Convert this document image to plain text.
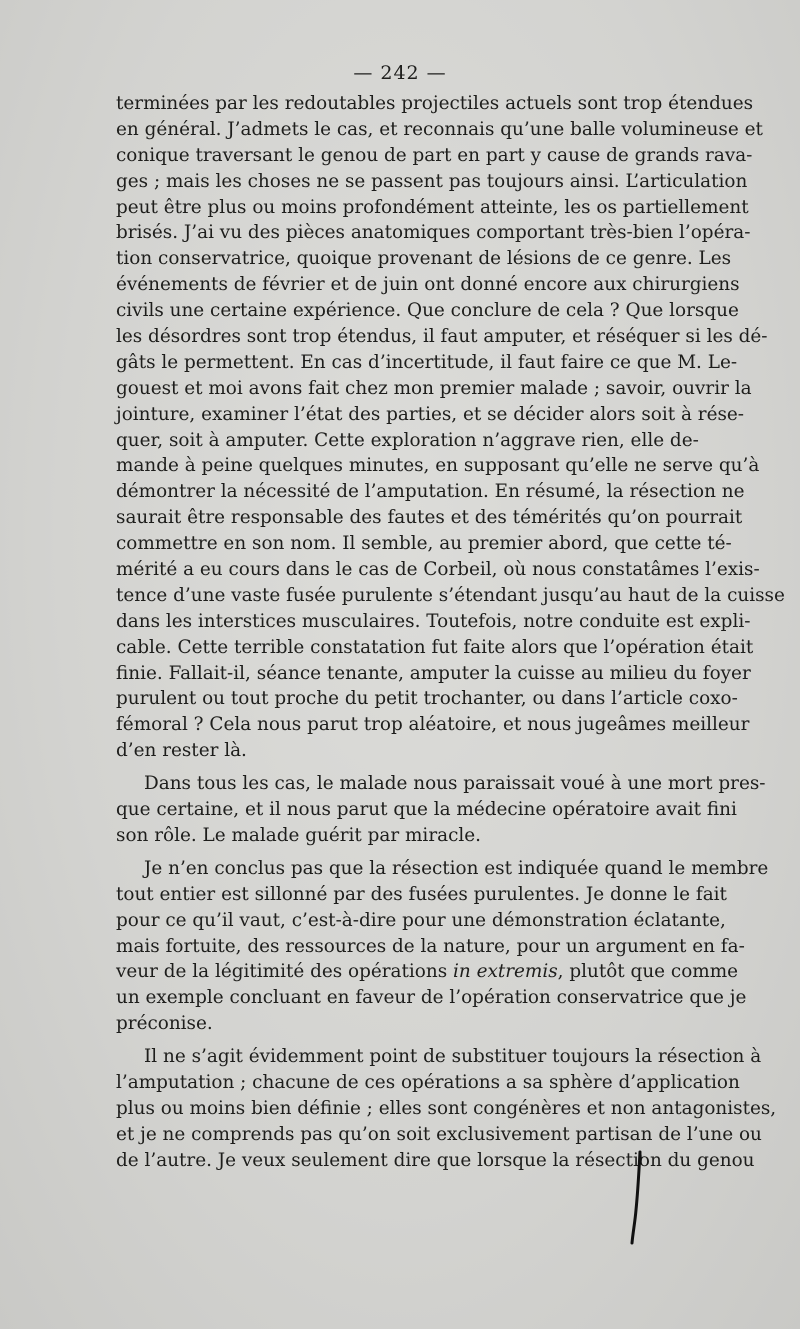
— 242 —
terminées par les redoutables projectiles actuels sont trop étendues
en général. J’admets le cas, et reconnais qu’une balle volumineuse et
conique traversant le genou de part en part y cause de grands rava-
ges ; mais les choses ne se passent pas toujours ainsi. L’articulation
peut être plus ou moins profondément atteinte, les os partiellement
brisés. J’ai vu des pièces anatomiques comportant très-bien l’opéra-
tion conservatrice, quoique provenant de lésions de ce genre. Les
événements de février et de juin ont donné encore aux chirurgiens
civils une certaine expérience. Que conclure de cela ? Que lorsque
les désordres sont trop étendus, il faut amputer, et réséquer si les dé-
gâts le permettent. En cas d’incertitude, il faut faire ce que M. Le-
gouest et moi avons fait chez mon premier malade ; savoir, ouvrir la
jointure, examiner l’état des parties, et se décider alors soit à rése-
quer, soit à amputer. Cette exploration n’aggrave rien, elle de-
mande à peine quelques minutes, en supposant qu’elle ne serve qu’à
démontrer la nécessité de l’amputation. En résumé, la résection ne
saurait être responsable des fautes et des témérités qu’on pourrait
commettre en son nom. Il semble, au premier abord, que cette té-
mérité a eu cours dans le cas de Corbeil, où nous constatâmes l’exis-
tence d’une vaste fusée purulente s’étendant jusqu’au haut de la cuisse
dans les interstices musculaires. Toutefois, notre conduite est expli-
cable. Cette terrible constatation fut faite alors que l’opération était
finie. Fallait-il, séance tenante, amputer la cuisse au milieu du foyer
purulent ou tout proche du petit trochanter, ou dans l’article coxo-
fémoral ? Cela nous parut trop aléatoire, et nous jugeâmes meilleur
d’en rester là.
Dans tous les cas, le malade nous paraissait voué à une mort pres-
que certaine, et il nous parut que la médecine opératoire avait fini
son rôle. Le malade guérit par miracle.
Je n’en conclus pas que la résection est indiquée quand le membre
tout entier est sillonné par des fusées purulentes. Je donne le fait
pour ce qu’il vaut, c’est-à-dire pour une démonstration éclatante,
mais fortuite, des ressources de la nature, pour un argument en fa-
veur de la légitimité des opérations in extremis, plutôt que comme
un exemple concluant en faveur de l’opération conservatrice que je
préconise.
Il ne s’agit évidemment point de substituer toujours la résection à
l’amputation ; chacune de ces opérations a sa sphère d’application
plus ou moins bien définie ; elles sont congénères et non antagonistes,
et je ne comprends pas qu’on soit exclusivement partisan de l’une ou
de l’autre. Je veux seulement dire que lorsque la résection du genou
